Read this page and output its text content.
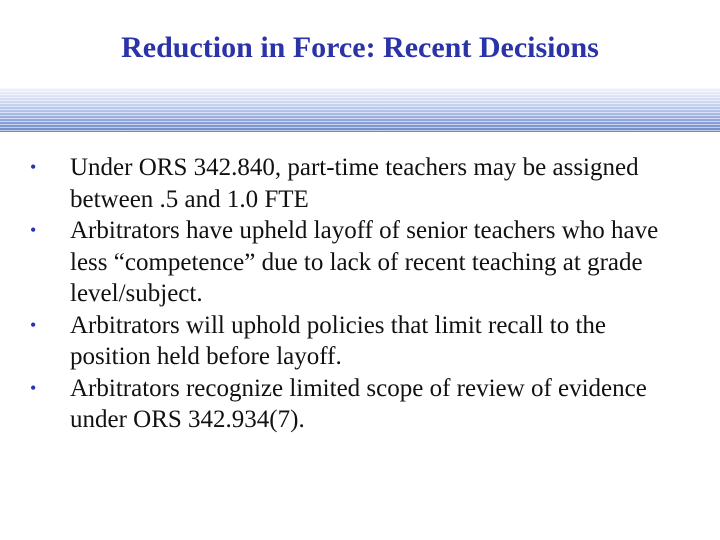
Reduction in Force: Recent Decisions
•	Under ORS 342.840, part-time teachers may be assigned between .5 and 1.0 FTE
•	Arbitrators have upheld layoff of senior teachers who have less “competence” due to lack of recent teaching at grade level/subject.
•	Arbitrators will uphold policies that limit recall to the position held before layoff.
•	Arbitrators recognize limited scope of review of evidence under ORS 342.934(7).
